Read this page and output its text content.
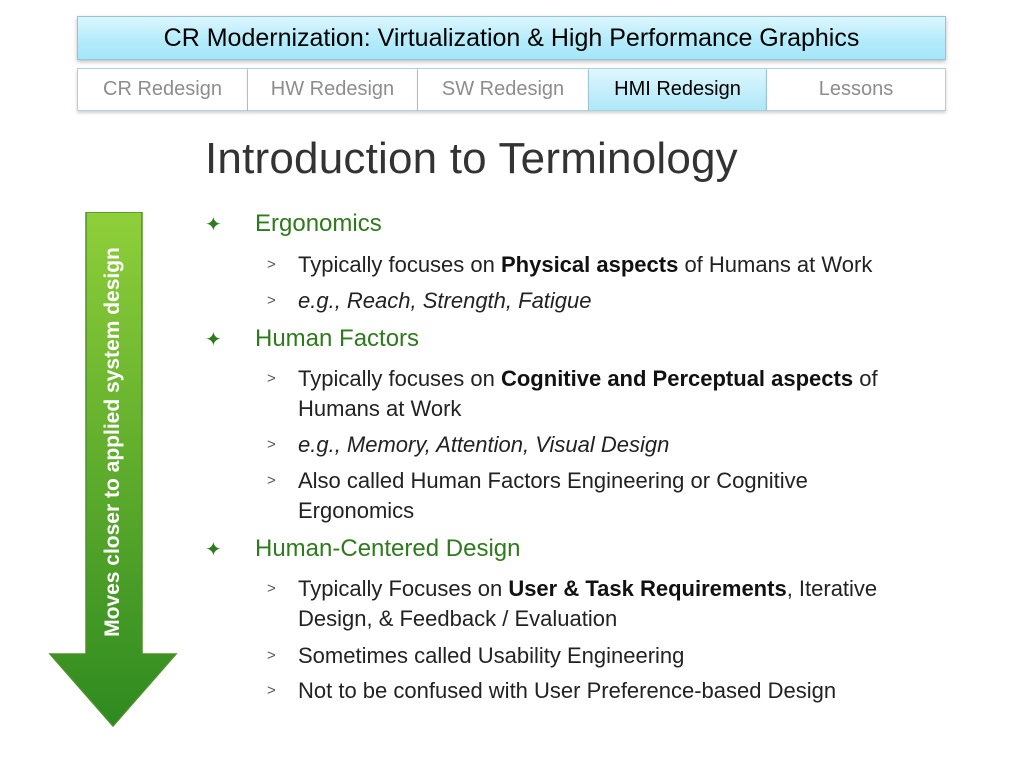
CR Modernization: Virtualization & High Performance Graphics
CR Redesign HW Redesign SW Redesign	HMI Redesign	Lessons
Introduction to Terminology
Moves closer to applied system design
✦ Ergonomics
> Typically focuses on Physical aspects of Humans at Work
> e.g., Reach, Strength, Fatigue
✦ Human Factors
> Typically focuses on Cognitive and Perceptual aspects of Humans at Work
> e.g., Memory, Attention, Visual Design
> Also called Human Factors Engineering or Cognitive Ergonomics
✦ Human-Centered Design
> Typically Focuses on User & Task Requirements, Iterative Design, & Feedback / Evaluation
> Sometimes called Usability Engineering
> Not to be confused with User Preference-based Design
